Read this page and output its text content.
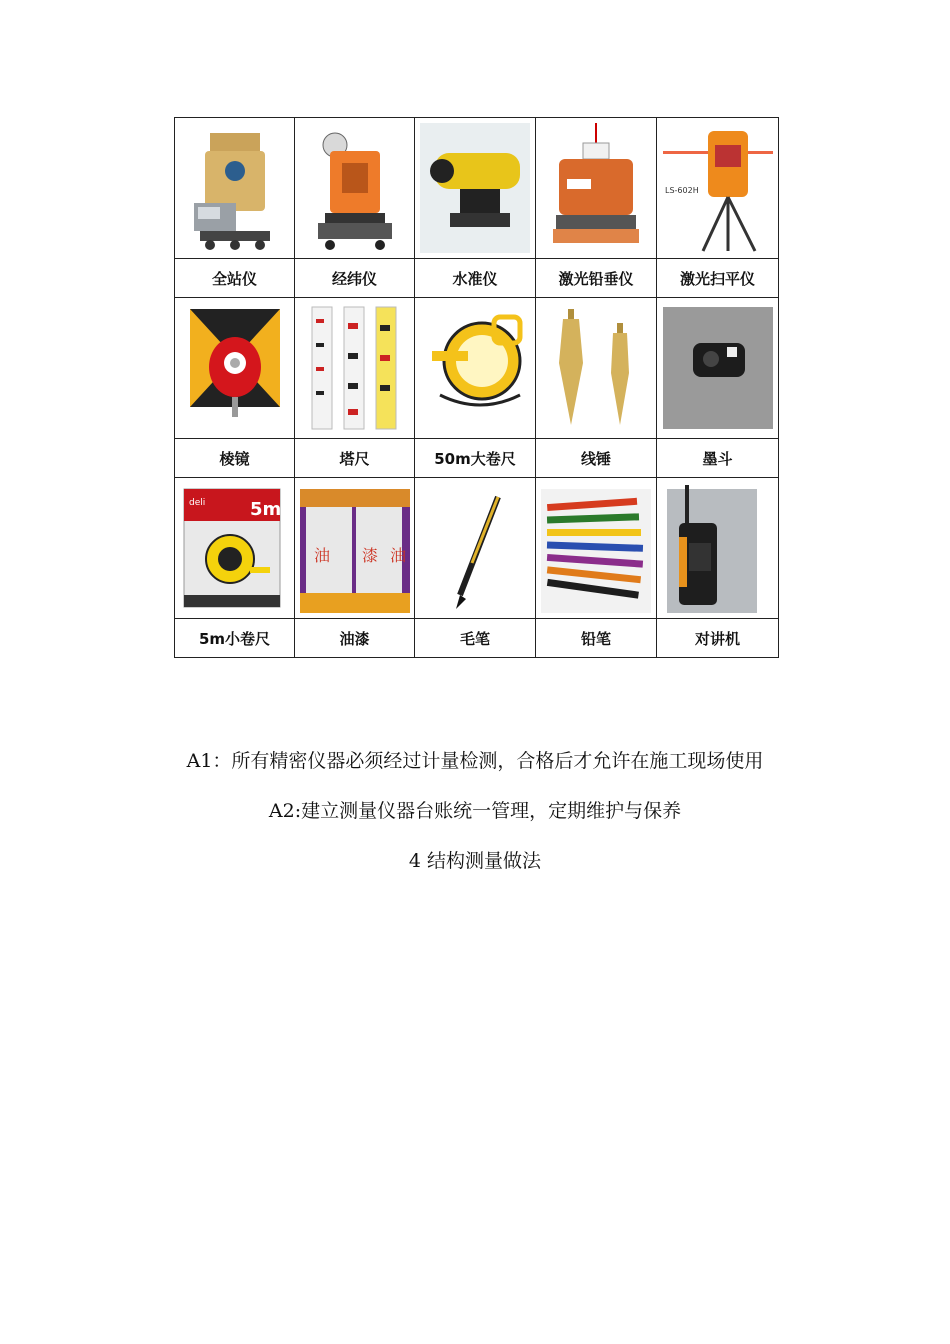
LS-602H

全站仪	经纬仪	水准仪	激光铅垂仪	激光扫平仪

棱镜	塔尺	50m大卷尺	线锤	墨斗

deli 5m	油 漆 油

5m小卷尺	油漆	毛笔	铅笔	对讲机
A1：所有精密仪器必须经过计量检测，合格后才允许在施工现场使用
A2:建立测量仪器台账统一管理，定期维护与保养
4 结构测量做法
